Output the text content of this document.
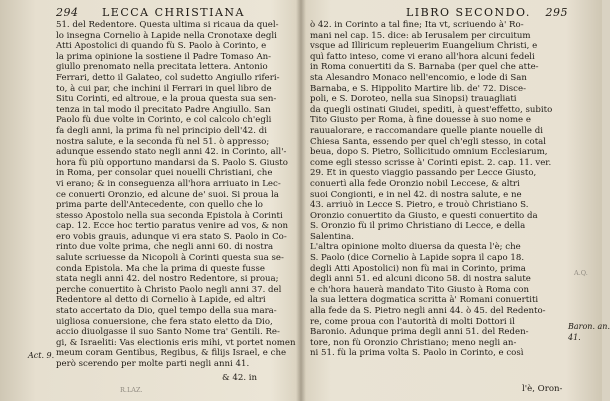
294 LECCA CHRISTIANA
51. del Redentore. Questa ultima si ricaua da quel-
lo insegna Cornelio à Lapide nella Cronotaxe degli
Atti Apostolici di quando fù S. Paolo à Corinto, e
la prima opinione la sostiene il Padre Tomaso An-
giullo prenomato nella precitata lettera. Antonio
Ferrari, detto il Galateo, col sudetto Angiullo riferi-
to, à cui par, che inchini il Ferrari in quel libro de
Situ Corinti, ed altroue, e la proua questa sua sen-
tenza in tal modo il precitato Padre Angiullo. San
Paolo fù due volte in Corinto, e col calcolo ch'egli
fa degli anni, la prima fù nel principio dell'42. di
nostra salute, e la seconda fù nel 51. ò appresso;
adunque essendo stato negli anni 42. in Corinto, all'-
hora fù più opportuno mandarsi da S. Paolo S. Giusto
in Roma, per consolar quei nouelli Christiani, che
vi erano; & in conseguenza all'hora arriuato in Lec-
ce conuerti Oronzio, ed alcune de' suoi. Si proua la
prima parte dell'Antecedente, con quello che lo
stesso Apostolo nella sua seconda Epistola à Corinti
cap. 12. Ecce hoc tertio paratus venire ad vos, & non
ero vobis grauis, adunque vi era stato S. Paolo in Co-
rinto due volte prima, che negli anni 60. di nostra
salute scriuesse da Nicopoli à Corinti questa sua se-
conda Epistola. Ma che la prima di queste fusse
stata negli anni 42. del nostro Redentore, si proua;
perche conuertito à Christo Paolo negli anni 37. del
Redentore al detto di Cornelio à Lapide, ed altri
stato accertato da Dio, quel tempo della sua mara-
uigliosa conuersione, che fera stato eletto da Dio,
accio diuolgasse il suo Santo Nome tra' Gentili. Re-
gi, & Israeliti: Vas electionis eris mihi, vt portet nomen
meum coram Gentibus, Regibus, & filijs Israel, e che
però scerendo per molte parti negli anni 41.
& 42. in
Act. 9.
R.LAZ.
LIBRO SECONDO. 295
ò 42. in Corinto a tal fine; Ita vt, scriuendo à' Ro-
mani nel cap. 15. dice: ab Ierusalem per circuitum
vsque ad Illiricum repleuerim Euangelium Christi, e
quì fatto inteso, come vi erano all'hora alcuni fedeli
in Roma conuertiti da S. Barnaba (per quel che atte-
sta Alesandro Monaco nell'encomio, e lode di San
Barnaba, e S. Hippolito Martire lib. de' 72. Disce-
poli, e S. Doroteo, nella sua Sinopsi) trauagliati
da quegli ostinati Giudei, spediti, à quest'effetto, subito
Tito Giusto per Roma, à fine douesse à suo nome e
rauualorare, e raccomandare quelle piante nouelle di
Chiesa Santa, essendo per quel ch'egli stesso, in cotal
beua, dopo S. Pietro, Sollicitudo omnium Ecclesiarum,
come egli stesso scrisse à' Corinti epist. 2. cap. 11. ver.
29. Et in questo viaggio passando per Lecce Giusto,
conuertì alla fede Oronzio nobil Leccese, & altri
suoi Congionti, e in nel 42. di nostra salute, e ne
43. arriuò in Lecce S. Pietro, e trouò Christiano S.
Oronzio conuertito da Giusto, e questi conuertito da
S. Oronzio fù il primo Christiano di Lecce, e della
Salentina.
L'altra opinione molto diuersa da questa l'è; che
S. Paolo (dice Cornelio à Lapide sopra il capo 18.
degli Atti Apostolici) non fù mai in Corinto, prima
degli anni 51. ed alcuni dicono 58. di nostra salute
e ch'hora hauerà mandato Tito Giusto à Roma con
la sua lettera dogmatica scritta à' Romani conuertiti
alla fede da S. Pietro negli anni 44. ò 45. del Redento-
re, come proua con l'autorità di molti Dottori il
Baronio. Adunque prima degli anni 51. del Reden-
tore, non fù Oronzio Christiano; meno negli an-
ni 51. fù la prima volta S. Paolo in Corinto, e così
l'è, Oron-
Baron. an.
41.
A.Q.
